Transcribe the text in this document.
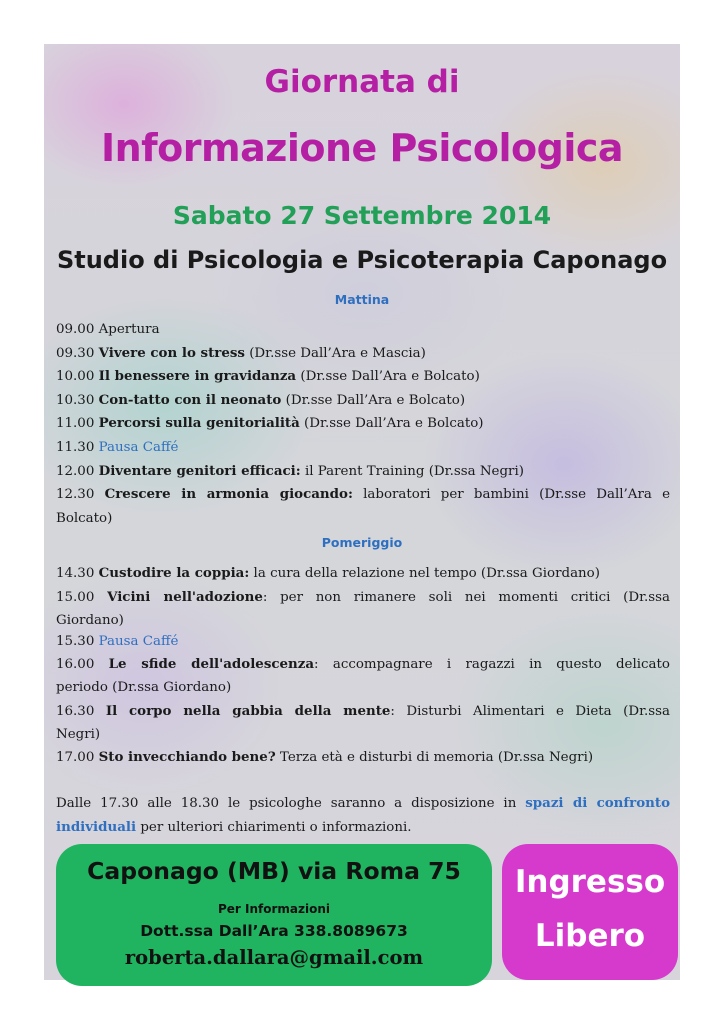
Giornata di
Informazione Psicologica
Sabato 27 Settembre 2014
Studio di Psicologia e Psicoterapia Caponago
Mattina
09.00 Apertura
09.30 Vivere con lo stress (Dr.sse Dall’Ara e Mascia)
10.00 Il benessere in gravidanza (Dr.sse Dall’Ara e Bolcato)
10.30 Con-tatto con il neonato (Dr.sse Dall’Ara e Bolcato)
11.00 Percorsi sulla genitorialità (Dr.sse Dall’Ara e Bolcato)
11.30 Pausa Caffé
12.00 Diventare genitori efficaci: il Parent Training (Dr.ssa Negri)
12.30 Crescere in armonia giocando: laboratori per bambini (Dr.sse Dall’Ara e
Bolcato)
Pomeriggio
14.30 Custodire la coppia: la cura della relazione nel tempo (Dr.ssa Giordano)
15.00 Vicini nell'adozione: per non rimanere soli nei momenti critici (Dr.ssa
Giordano)
15.30 Pausa Caffé
16.00 Le sfide dell'adolescenza: accompagnare i ragazzi in questo delicato
periodo (Dr.ssa Giordano)
16.30 Il corpo nella gabbia della mente: Disturbi Alimentari e Dieta (Dr.ssa
Negri)
17.00 Sto invecchiando bene? Terza età e disturbi di memoria (Dr.ssa Negri)
Dalle 17.30 alle 18.30 le psicologhe saranno a disposizione in spazi di confronto individuali per ulteriori chiarimenti o informazioni.
Caponago (MB) via Roma 75
Per Informazioni
Dott.ssa Dall’Ara 338.8089673
roberta.dallara@gmail.com
Ingresso
Libero
